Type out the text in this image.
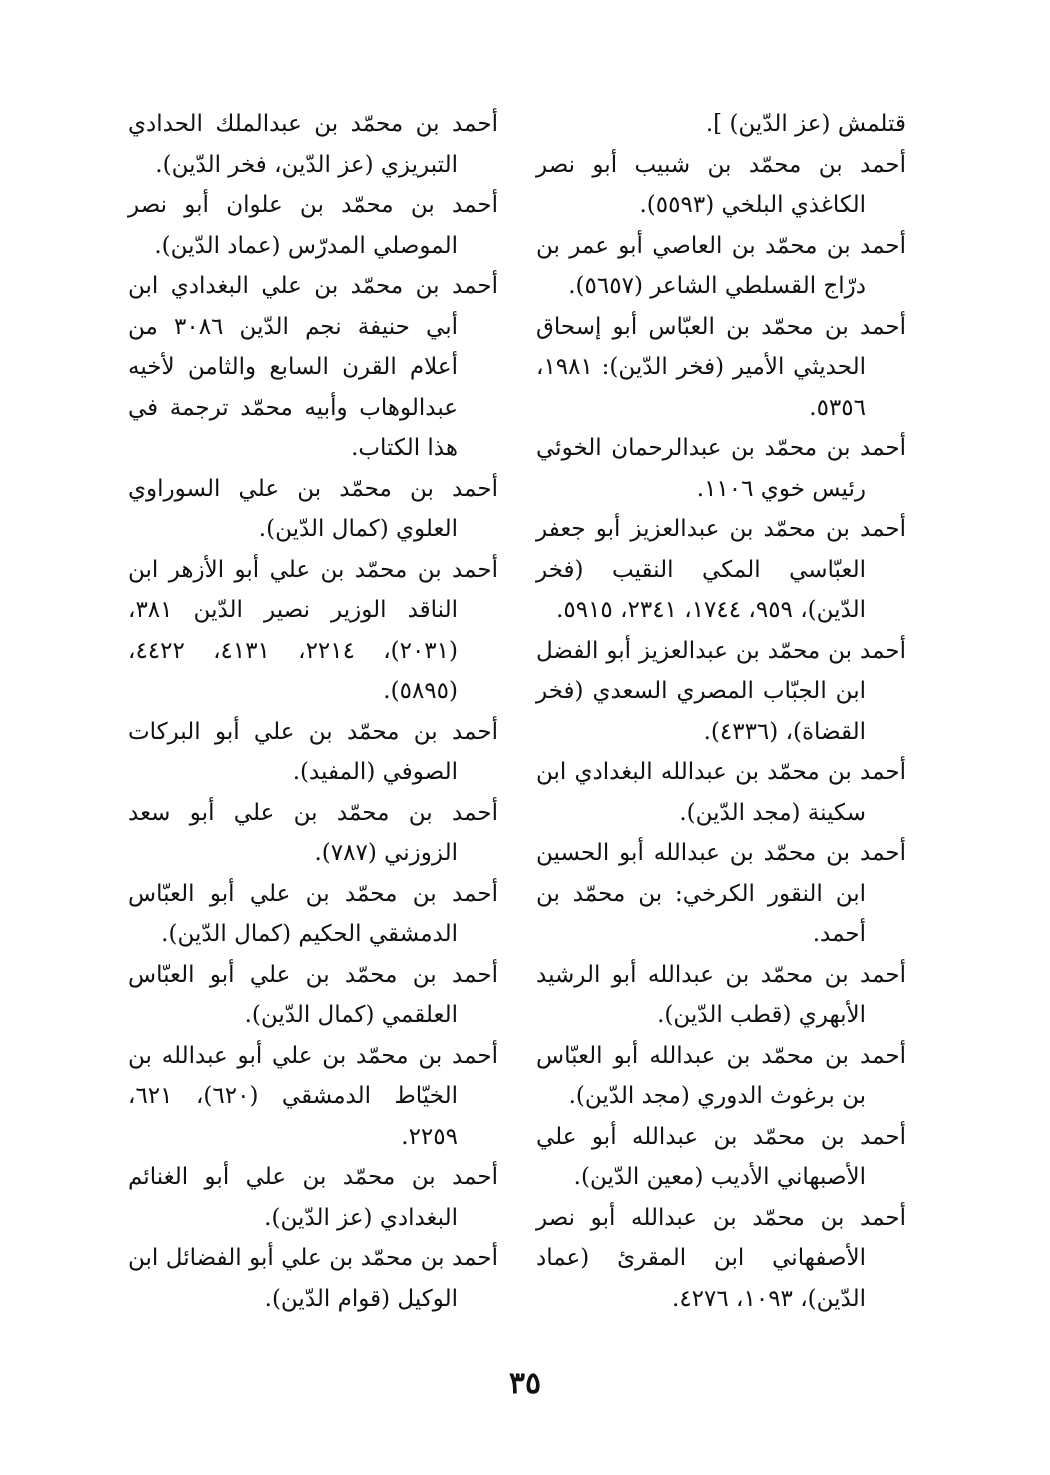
قتلمش (عز الدّين) ].

أحمد بن محمّد بن شبيب أبو نصر الكاغذي البلخي (٥٥٩٣).

أحمد بن محمّد بن العاصي أبو عمر بن درّاج القسلطي الشاعر (٥٦٥٧).

أحمد بن محمّد بن العبّاس أبو إسحاق الحديثي الأمير (فخر الدّين): ١٩٨١، ٥٣٥٦.

أحمد بن محمّد بن عبدالرحمان الخوئي رئيس خوي ١١٠٦.

أحمد بن محمّد بن عبدالعزيز أبو جعفر العبّاسي المكي النقيب (فخر الدّين)، ٩٥٩، ١٧٤٤، ٢٣٤١، ٥٩١٥.

أحمد بن محمّد بن عبدالعزيز أبو الفضل ابن الجبّاب المصري السعدي (فخر القضاة)، (٤٣٣٦).

أحمد بن محمّد بن عبدالله البغدادي ابن سكينة (مجد الدّين).

أحمد بن محمّد بن عبدالله أبو الحسين ابن النقور الكرخي: بن محمّد بن أحمد.

أحمد بن محمّد بن عبدالله أبو الرشيد الأبهري (قطب الدّين).

أحمد بن محمّد بن عبدالله أبو العبّاس بن برغوث الدوري (مجد الدّين).

أحمد بن محمّد بن عبدالله أبو علي الأصبهاني الأديب (معين الدّين).

أحمد بن محمّد بن عبدالله أبو نصر الأصفهاني ابن المقرئ (عماد الدّين)، ١٠٩٣، ٤٢٧٦.

أحمد بن محمّد بن عبدالملك الحدادي التبريزي (عز الدّين، فخر الدّين).

أحمد بن محمّد بن علوان أبو نصر الموصلي المدرّس (عماد الدّين).

أحمد بن محمّد بن علي البغدادي ابن أبي حنيفة نجم الدّين ٣٠٨٦ من أعلام القرن السابع والثامن لأخيه عبدالوهاب وأبيه محمّد ترجمة في هذا الكتاب.

أحمد بن محمّد بن علي السوراوي العلوي (كمال الدّين).

أحمد بن محمّد بن علي أبو الأزهر ابن الناقد الوزير نصير الدّين ٣٨١، (٢٠٣١)، ٢٢١٤، ٤١٣١، ٤٤٢٢، (٥٨٩٥).

أحمد بن محمّد بن علي أبو البركات الصوفي (المفيد).

أحمد بن محمّد بن علي أبو سعد الزوزني (٧٨٧).

أحمد بن محمّد بن علي أبو العبّاس الدمشقي الحكيم (كمال الدّين).

أحمد بن محمّد بن علي أبو العبّاس العلقمي (كمال الدّين).

أحمد بن محمّد بن علي أبو عبدالله بن الخيّاط الدمشقي (٦٢٠)، ٦٢١، ٢٢٥٩.

أحمد بن محمّد بن علي أبو الغنائم البغدادي (عز الدّين).

أحمد بن محمّد بن علي أبو الفضائل ابن الوكيل (قوام الدّين).

٣٥
